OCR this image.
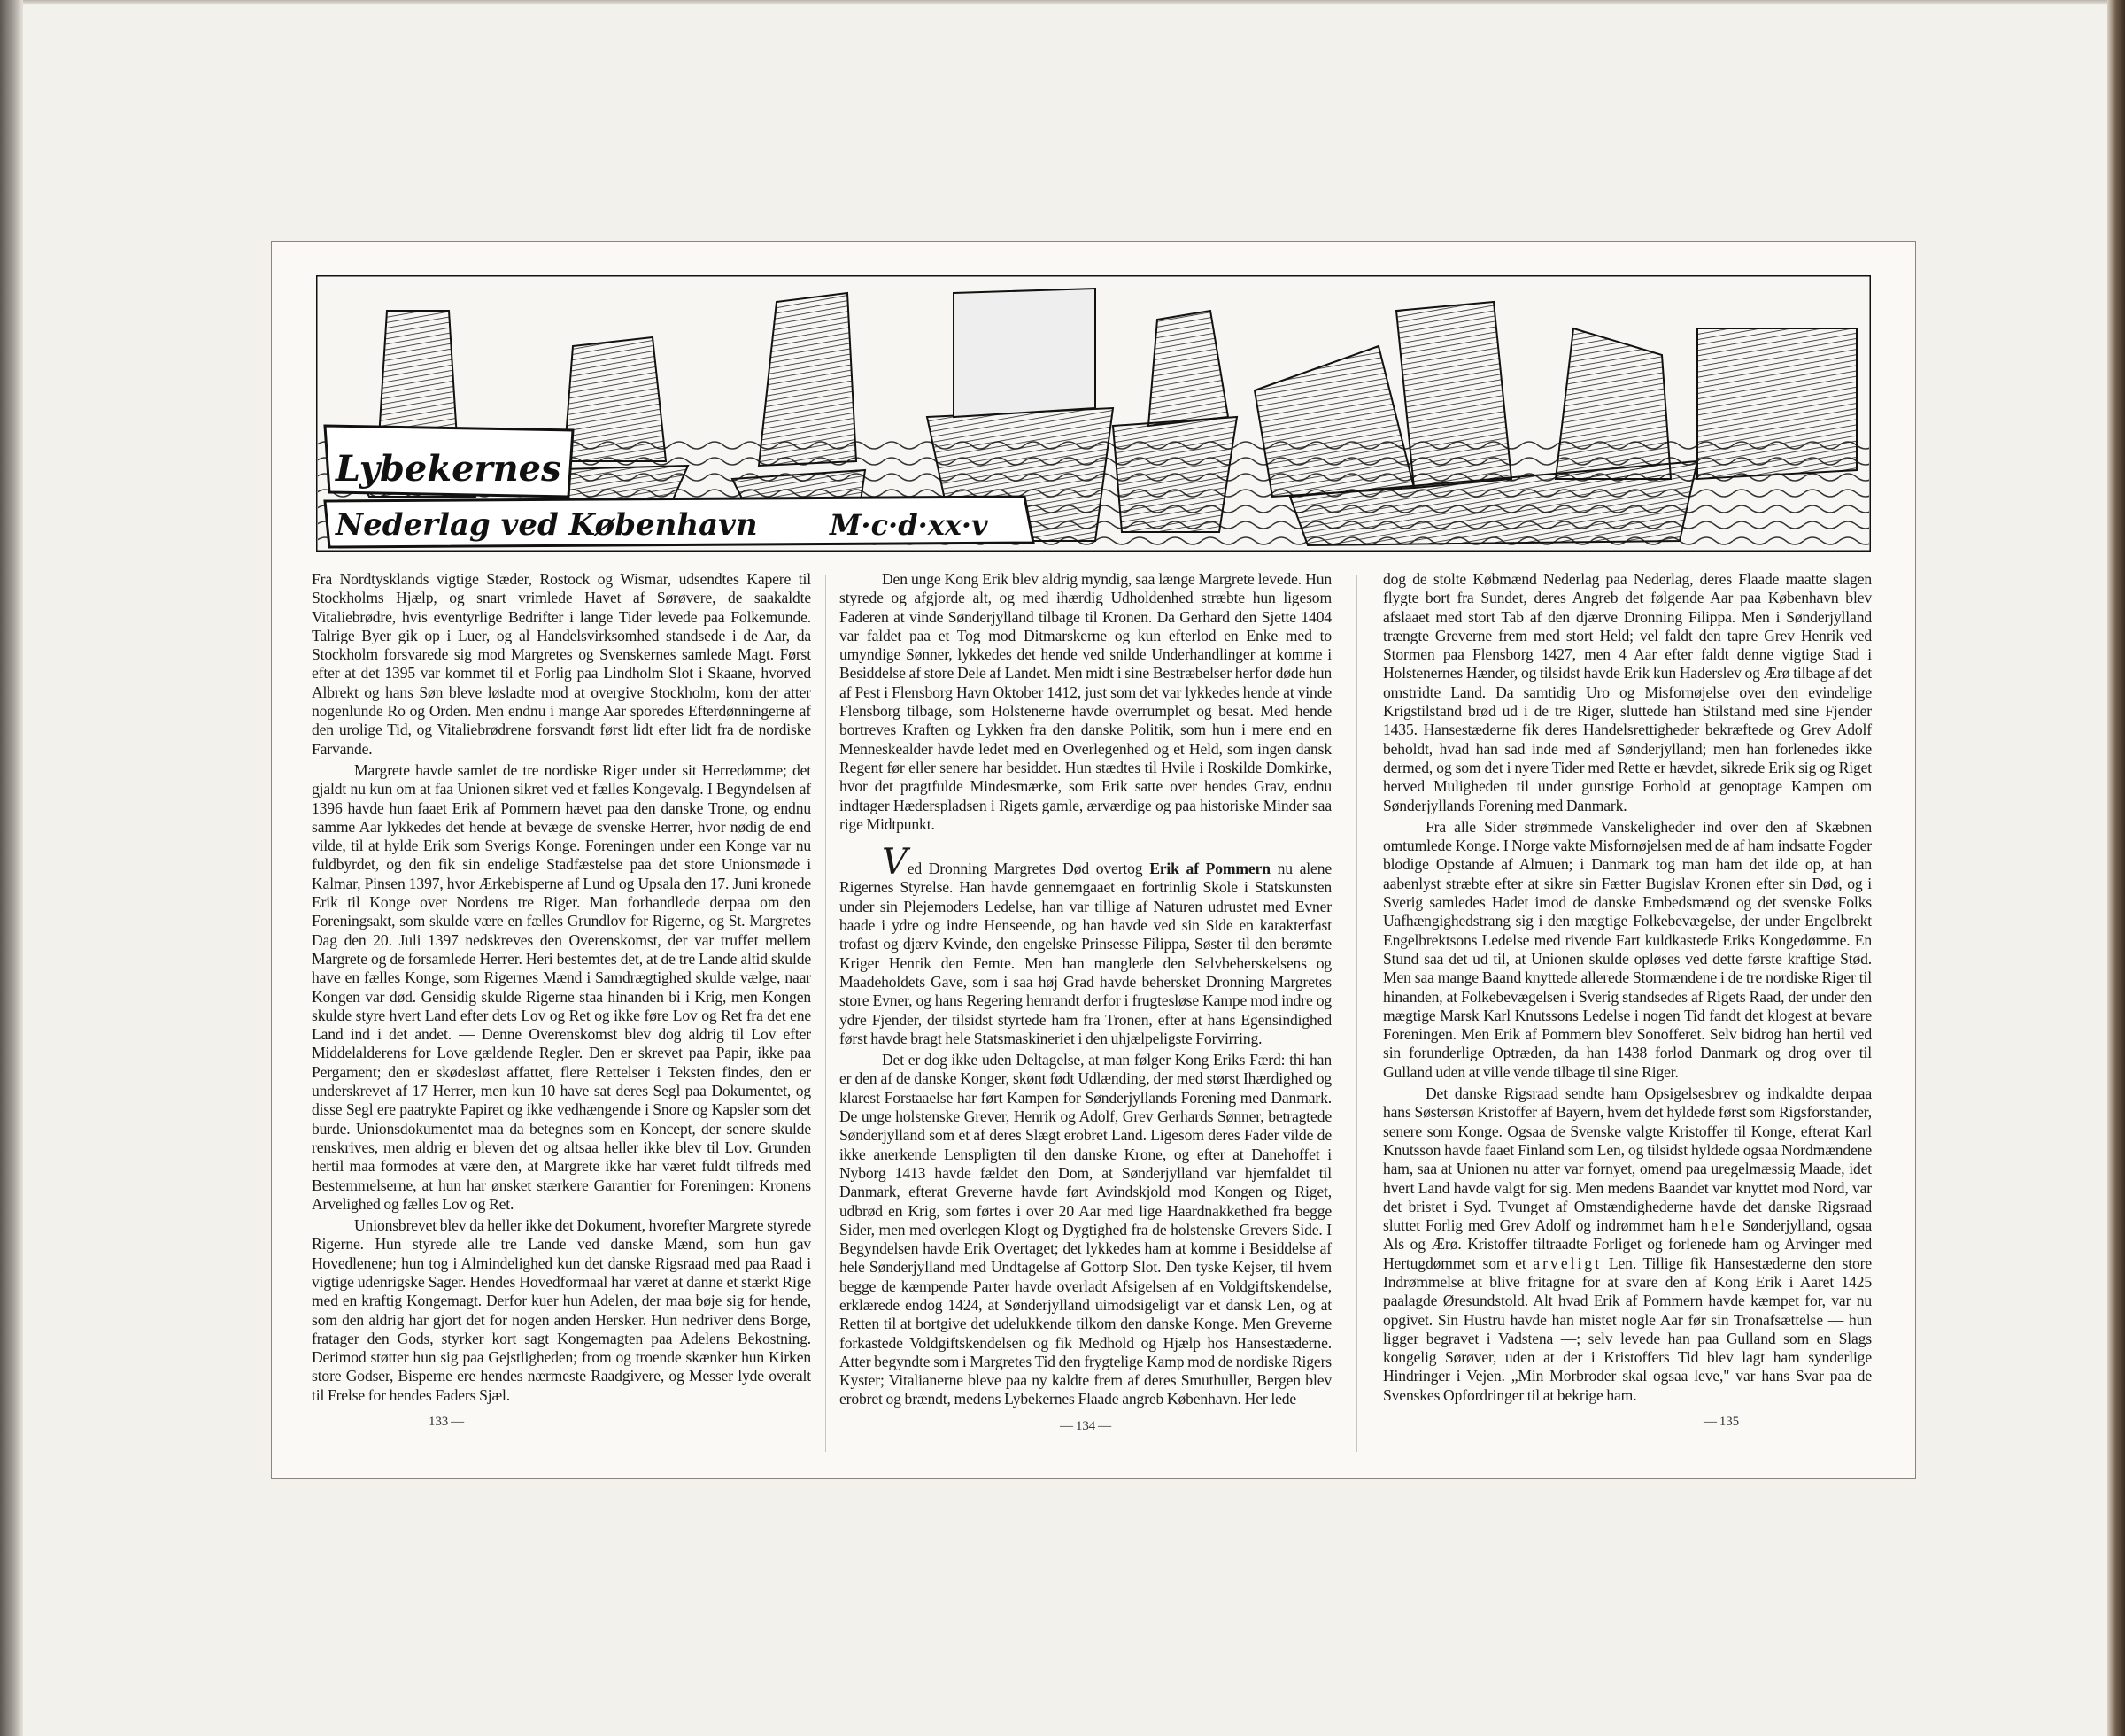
Lybekernes
Nederlag ved København	M·c·d·xx·v

Fra Nordtysklands vigtige Stæder, Rostock og Wismar, udsendtes Kapere til Stockholms Hjælp, og snart vrimlede Havet af Sørøvere, de saakaldte Vitaliebrødre, hvis eventyrlige Bedrifter i lange Tider levede paa Folkemunde. Talrige Byer gik op i Luer, og al Handelsvirksomhed standsede i de Aar, da Stockholm forsvarede sig mod Margretes og Svenskernes samlede Magt. Først efter at det 1395 var kommet til et Forlig paa Lindholm Slot i Skaane, hvorved Albrekt og hans Søn bleve løsladte mod at overgive Stockholm, kom der atter nogenlunde Ro og Orden. Men endnu i mange Aar sporedes Efterdønningerne af den urolige Tid, og Vitaliebrødrene forsvandt først lidt efter lidt fra de nordiske Farvande.

Margrete havde samlet de tre nordiske Riger under sit Herredømme; det gjaldt nu kun om at faa Unionen sikret ved et fælles Kongevalg. I Begyndelsen af 1396 havde hun faaet Erik af Pommern hævet paa den danske Trone, og endnu samme Aar lykkedes det hende at bevæge de svenske Herrer, hvor nødig de end vilde, til at hylde Erik som Sverigs Konge. Foreningen under een Konge var nu fuldbyrdet, og den fik sin endelige Stadfæstelse paa det store Unionsmøde i Kalmar, Pinsen 1397, hvor Ærkebisperne af Lund og Upsala den 17. Juni kronede Erik til Konge over Nordens tre Riger. Man forhandlede derpaa om den Foreningsakt, som skulde være en fælles Grundlov for Rigerne, og St. Margretes Dag den 20. Juli 1397 nedskreves den Overenskomst, der var truffet mellem Margrete og de forsamlede Herrer. Heri bestemtes det, at de tre Lande altid skulde have en fælles Konge, som Rigernes Mænd i Samdrægtighed skulde vælge, naar Kongen var død. Gensidig skulde Rigerne staa hinanden bi i Krig, men Kongen skulde styre hvert Land efter dets Lov og Ret og ikke føre Lov og Ret fra det ene Land ind i det andet. — Denne Overenskomst blev dog aldrig til Lov efter Middelalderens for Love gældende Regler. Den er skrevet paa Papir, ikke paa Pergament; den er skødesløst affattet, flere Rettelser i Teksten findes, den er underskrevet af 17 Herrer, men kun 10 have sat deres Segl paa Dokumentet, og disse Segl ere paatrykte Papiret og ikke vedhængende i Snore og Kapsler som det burde. Unionsdokumentet maa da betegnes som en Koncept, der senere skulde renskrives, men aldrig er bleven det og altsaa heller ikke blev til Lov. Grunden hertil maa formodes at være den, at Margrete ikke har været fuldt tilfreds med Bestemmelserne, at hun har ønsket stærkere Garantier for Foreningen: Kronens Arvelighed og fælles Lov og Ret.

Unionsbrevet blev da heller ikke det Dokument, hvorefter Margrete styrede Rigerne. Hun styrede alle tre Lande ved danske Mænd, som hun gav Hovedlenene; hun tog i Almindelighed kun det danske Rigsraad med paa Raad i vigtige udenrigske Sager. Hendes Hovedformaal har været at danne et stærkt Rige med en kraftig Kongemagt. Derfor kuer hun Adelen, der maa bøje sig for hende, som den aldrig har gjort det for nogen anden Hersker. Hun nedriver dens Borge, fratager den Gods, styrker kort sagt Kongemagten paa Adelens Bekostning. Derimod støtter hun sig paa Gejstligheden; from og troende skænker hun Kirken store Godser, Bisperne ere hendes nærmeste Raadgivere, og Messer lyde overalt til Frelse for hendes Faders Sjæl.

133 —

Den unge Kong Erik blev aldrig myndig, saa længe Margrete levede. Hun styrede og afgjorde alt, og med ihærdig Udholdenhed stræbte hun ligesom Faderen at vinde Sønderjylland tilbage til Kronen. Da Gerhard den Sjette 1404 var faldet paa et Tog mod Ditmarskerne og kun efterlod en Enke med to umyndige Sønner, lykkedes det hende ved snilde Underhandlinger at komme i Besiddelse af store Dele af Landet. Men midt i sine Bestræbelser herfor døde hun af Pest i Flensborg Havn Oktober 1412, just som det var lykkedes hende at vinde Flensborg tilbage, som Holstenerne havde overrumplet og besat. Med hende bortreves Kraften og Lykken fra den danske Politik, som hun i mere end en Menneskealder havde ledet med en Overlegenhed og et Held, som ingen dansk Regent før eller senere har besiddet. Hun stædtes til Hvile i Roskilde Domkirke, hvor det pragtfulde Mindesmærke, som Erik satte over hendes Grav, endnu indtager Hæderspladsen i Rigets gamle, ærværdige og paa historiske Minder saa rige Midtpunkt.

Ved Dronning Margretes Død overtog Erik af Pommern nu alene Rigernes Styrelse. Han havde gennemgaaet en fortrinlig Skole i Statskunsten under sin Plejemoders Ledelse, han var tillige af Naturen udrustet med Evner baade i ydre og indre Henseende, og han havde ved sin Side en karakterfast trofast og djærv Kvinde, den engelske Prinsesse Filippa, Søster til den berømte Kriger Henrik den Femte. Men han manglede den Selvbeherskelsens og Maadeholdets Gave, som i saa høj Grad havde behersket Dronning Margretes store Evner, og hans Regering henrandt derfor i frugtesløse Kampe mod indre og ydre Fjender, der tilsidst styrtede ham fra Tronen, efter at hans Egensindighed først havde bragt hele Statsmaskineriet i den uhjælpeligste Forvirring.

Det er dog ikke uden Deltagelse, at man følger Kong Eriks Færd: thi han er den af de danske Konger, skønt født Udlænding, der med størst Ihærdighed og klarest Forstaaelse har ført Kampen for Sønderjyllands Forening med Danmark. De unge holstenske Grever, Henrik og Adolf, Grev Gerhards Sønner, betragtede Sønderjylland som et af deres Slægt erobret Land. Ligesom deres Fader vilde de ikke anerkende Lenspligten til den danske Krone, og efter at Danehoffet i Nyborg 1413 havde fældet den Dom, at Sønderjylland var hjemfaldet til Danmark, efterat Greverne havde ført Avindskjold mod Kongen og Riget, udbrød en Krig, som førtes i over 20 Aar med lige Haardnakkethed fra begge Sider, men med overlegen Klogt og Dygtighed fra de holstenske Grevers Side. I Begyndelsen havde Erik Overtaget; det lykkedes ham at komme i Besiddelse af hele Sønderjylland med Undtagelse af Gottorp Slot. Den tyske Kejser, til hvem begge de kæmpende Parter havde overladt Afsigelsen af en Voldgiftskendelse, erklærede endog 1424, at Sønderjylland uimodsigeligt var et dansk Len, og at Retten til at bortgive det udelukkende tilkom den danske Konge. Men Greverne forkastede Voldgiftskendelsen og fik Medhold og Hjælp hos Hansestæderne. Atter begyndte som i Margretes Tid den frygtelige Kamp mod de nordiske Rigers Kyster; Vitalianerne bleve paa ny kaldte frem af deres Smuthuller, Bergen blev erobret og brændt, medens Lybekernes Flaade angreb København. Her lede

— 134 —

dog de stolte Købmænd Nederlag paa Nederlag, deres Flaade maatte slagen flygte bort fra Sundet, deres Angreb det følgende Aar paa København blev afslaaet med stort Tab af den djærve Dronning Filippa. Men i Sønderjylland trængte Greverne frem med stort Held; vel faldt den tapre Grev Henrik ved Stormen paa Flensborg 1427, men 4 Aar efter faldt denne vigtige Stad i Holstenernes Hænder, og tilsidst havde Erik kun Haderslev og Ærø tilbage af det omstridte Land. Da samtidig Uro og Misfornøjelse over den evindelige Krigstilstand brød ud i de tre Riger, sluttede han Stilstand med sine Fjender 1435. Hansestæderne fik deres Handelsrettigheder bekræftede og Grev Adolf beholdt, hvad han sad inde med af Sønderjylland; men han forlenedes ikke dermed, og som det i nyere Tider med Rette er hævdet, sikrede Erik sig og Riget herved Muligheden til under gunstige Forhold at genoptage Kampen om Sønderjyllands Forening med Danmark.

Fra alle Sider strømmede Vanskeligheder ind over den af Skæbnen omtumlede Konge. I Norge vakte Misfornøjelsen med de af ham indsatte Fogder blodige Opstande af Almuen; i Danmark tog man ham det ilde op, at han aabenlyst stræbte efter at sikre sin Fætter Bugislav Kronen efter sin Død, og i Sverig samledes Hadet imod de danske Embedsmænd og det svenske Folks Uafhængighedstrang sig i den mægtige Folkebevægelse, der under Engelbrekt Engelbrektsons Ledelse med rivende Fart kuldkastede Eriks Kongedømme. En Stund saa det ud til, at Unionen skulde opløses ved dette første kraftige Stød. Men saa mange Baand knyttede allerede Stormændene i de tre nordiske Riger til hinanden, at Folkebevægelsen i Sverig standsedes af Rigets Raad, der under den mægtige Marsk Karl Knutssons Ledelse i nogen Tid fandt det klogest at bevare Foreningen. Men Erik af Pommern blev Sonofferet. Selv bidrog han hertil ved sin forunderlige Optræden, da han 1438 forlod Danmark og drog over til Gulland uden at ville vende tilbage til sine Riger.

Det danske Rigsraad sendte ham Opsigelsesbrev og indkaldte derpaa hans Søstersøn Kristoffer af Bayern, hvem det hyldede først som Rigsforstander, senere som Konge. Ogsaa de Svenske valgte Kristoffer til Konge, efterat Karl Knutsson havde faaet Finland som Len, og tilsidst hyldede ogsaa Nordmændene ham, saa at Unionen nu atter var fornyet, omend paa uregelmæssig Maade, idet hvert Land havde valgt for sig. Men medens Baandet var knyttet mod Nord, var det bristet i Syd. Tvunget af Omstændighederne havde det danske Rigsraad sluttet Forlig med Grev Adolf og indrømmet ham hele Sønderjylland, ogsaa Als og Ærø. Kristoffer tiltraadte Forliget og forlenede ham og Arvinger med Hertugdømmet som et arveligt Len. Tillige fik Hansestæderne den store Indrømmelse at blive fritagne for at svare den af Kong Erik i Aaret 1425 paalagde Øresundstold. Alt hvad Erik af Pommern havde kæmpet for, var nu opgivet. Sin Hustru havde han mistet nogle Aar før sin Tronafsættelse — hun ligger begravet i Vadstena —; selv levede han paa Gulland som en Slags kongelig Sørøver, uden at der i Kristoffers Tid blev lagt ham synderlige Hindringer i Vejen. „Min Morbroder skal ogsaa leve," var hans Svar paa de Svenskes Opfordringer til at bekrige ham.

— 135
